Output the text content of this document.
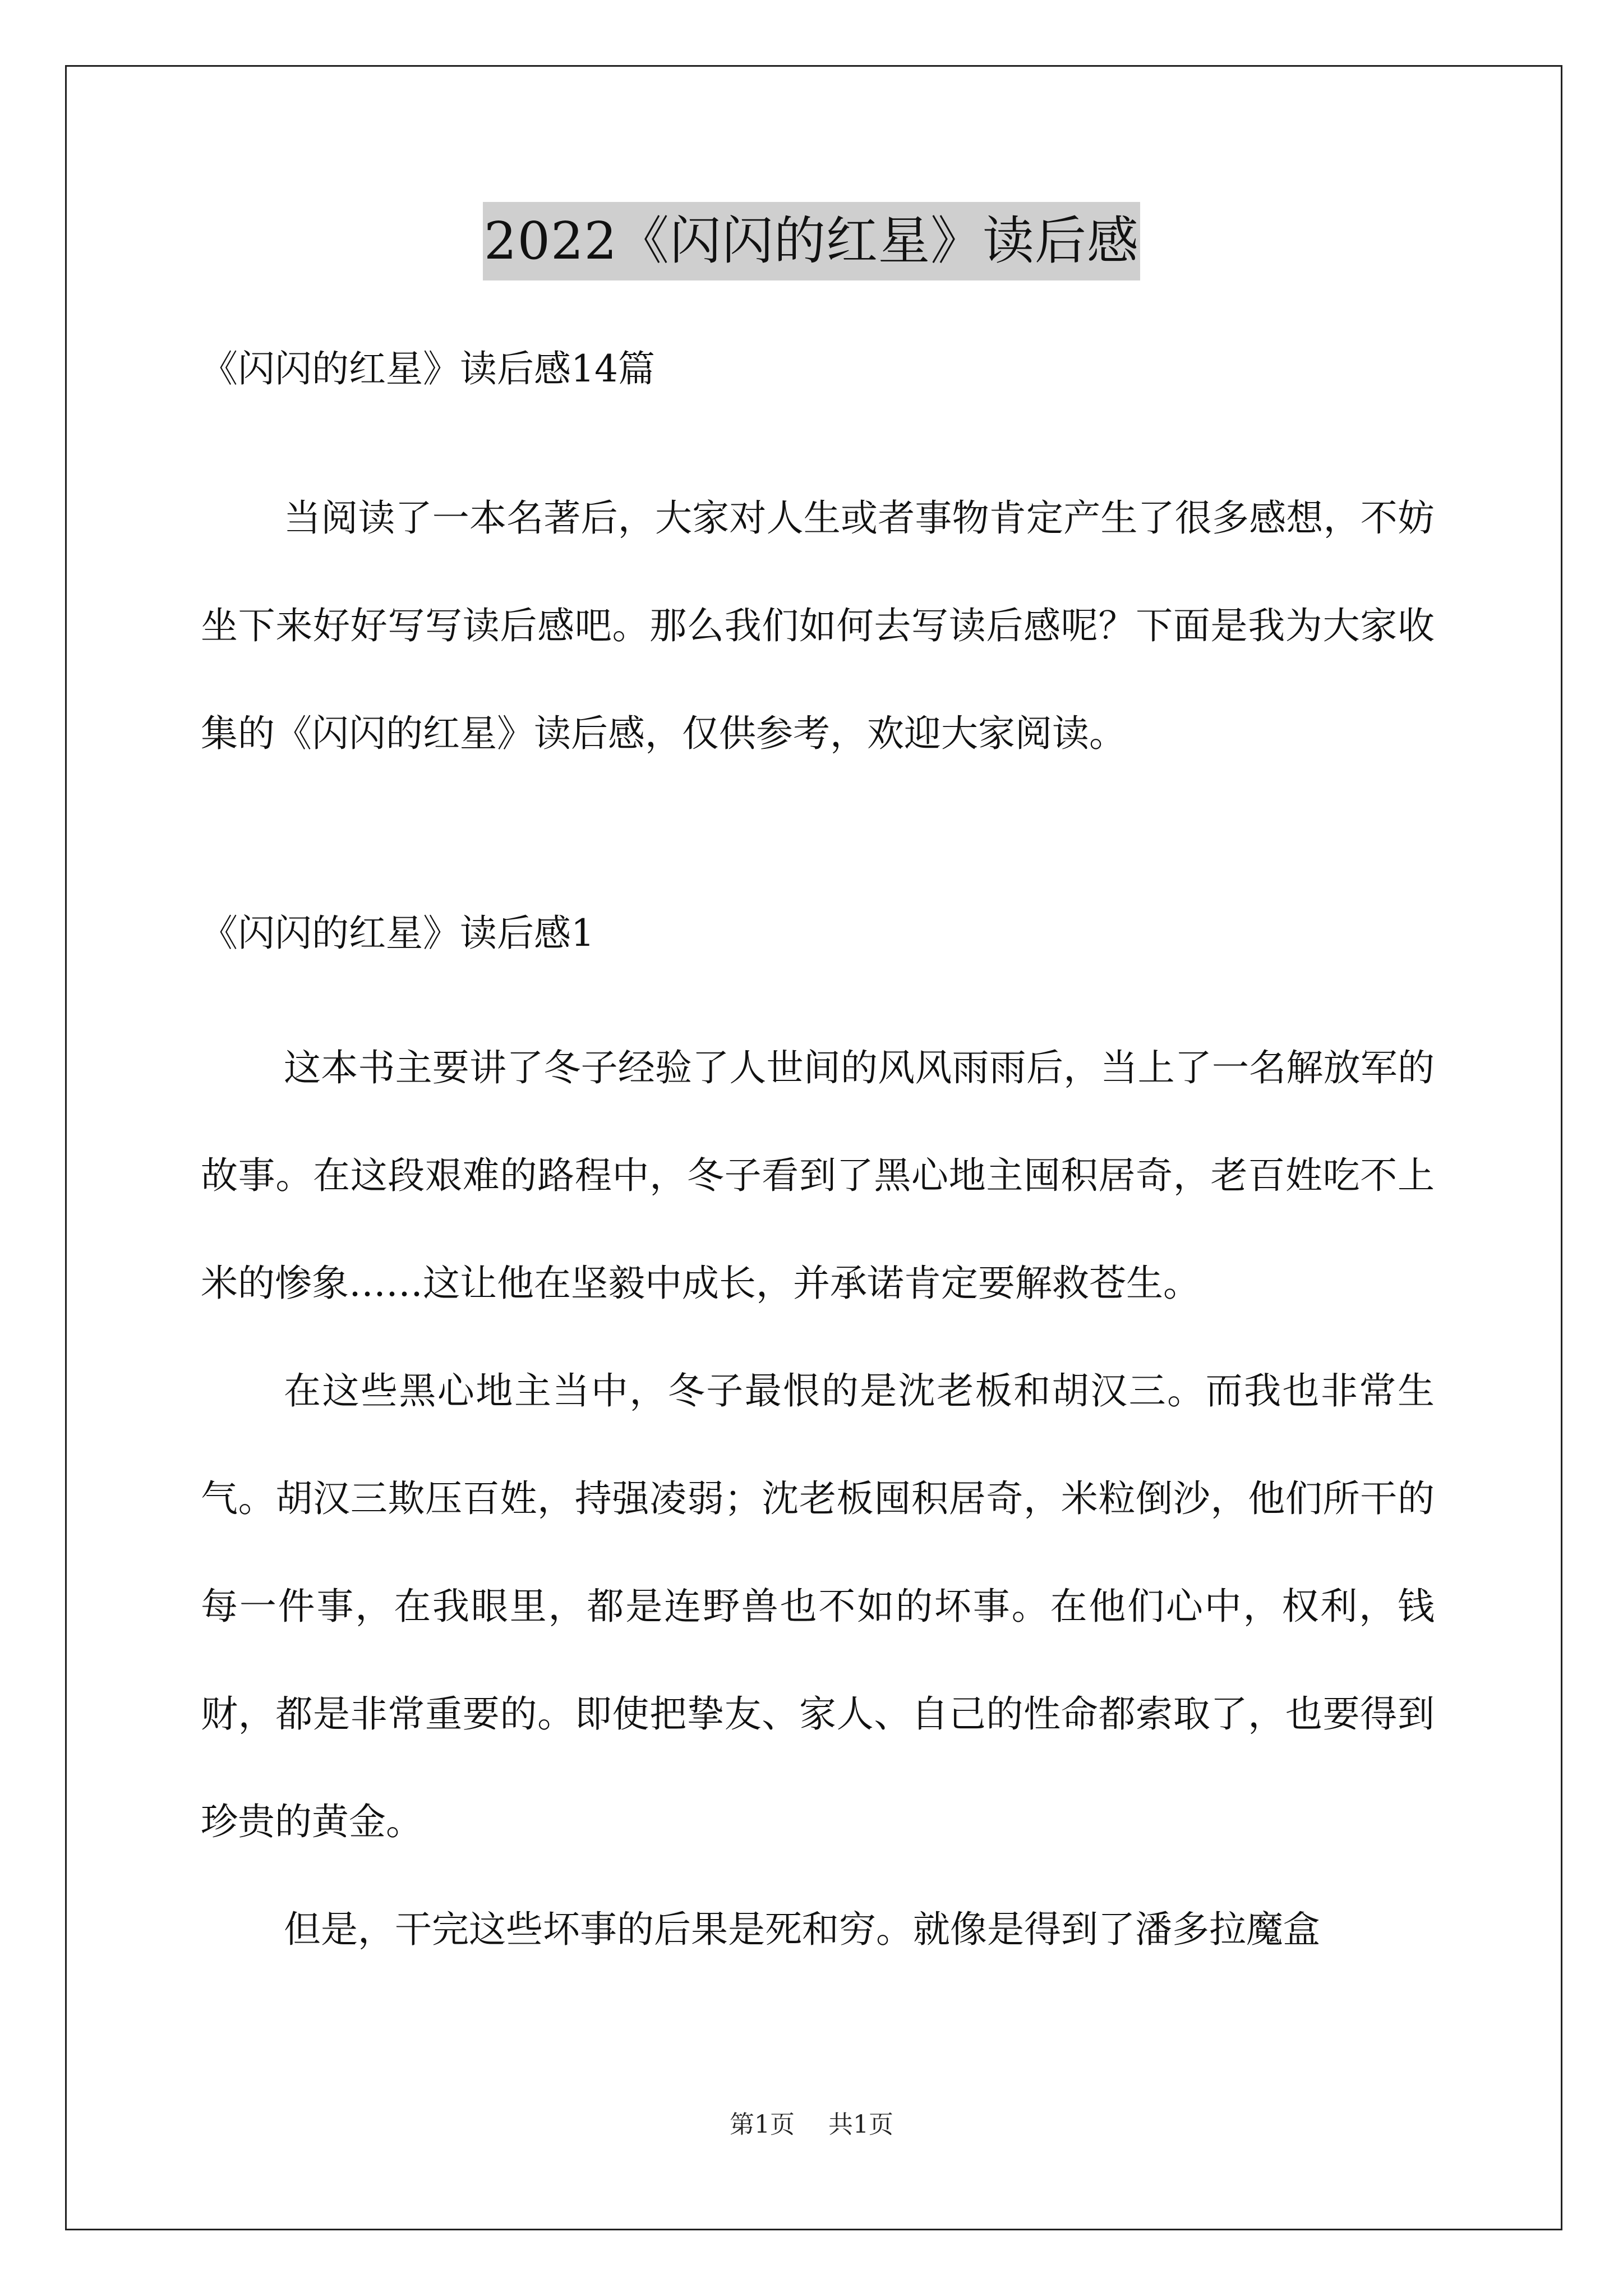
2022《闪闪的红星》读后感

《闪闪的红星》读后感14篇

当阅读了一本名著后，大家对人生或者事物肯定产生了很多感想，不妨坐下来好好写写读后感吧。那么我们如何去写读后感呢？下面是我为大家收集的《闪闪的红星》读后感，仅供参考，欢迎大家阅读。

《闪闪的红星》读后感1

这本书主要讲了冬子经验了人世间的风风雨雨后，当上了一名解放军的故事。在这段艰难的路程中，冬子看到了黑心地主囤积居奇，老百姓吃不上米的惨象……这让他在坚毅中成长，并承诺肯定要解救苍生。

在这些黑心地主当中，冬子最恨的是沈老板和胡汉三。而我也非常生气。胡汉三欺压百姓，持强凌弱；沈老板囤积居奇，米粒倒沙，他们所干的每一件事，在我眼里，都是连野兽也不如的坏事。在他们心中，权利，钱财，都是非常重要的。即使把挚友、家人、自己的性命都索取了，也要得到珍贵的黄金。

但是，干完这些坏事的后果是死和穷。就像是得到了潘多拉魔盒

第1页 共1页
